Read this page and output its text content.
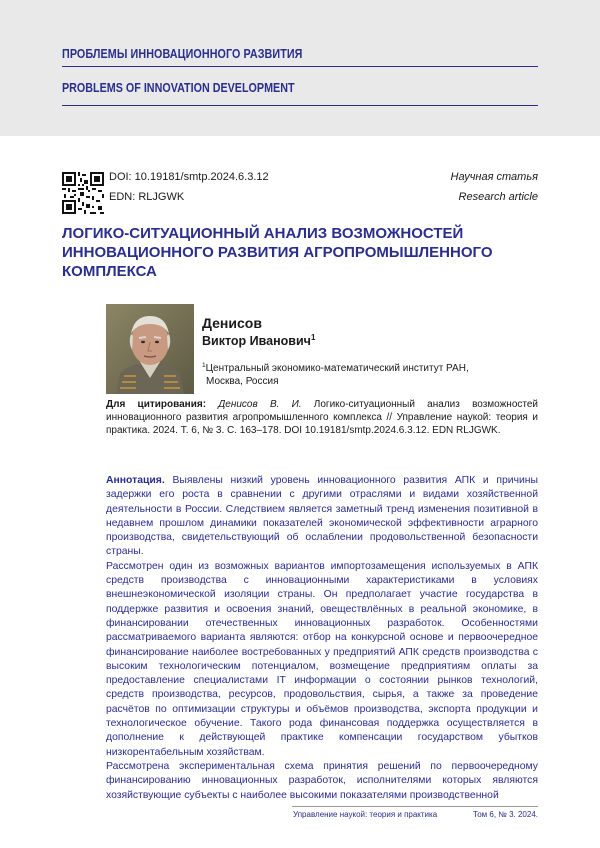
ПРОБЛЕМЫ ИННОВАЦИОННОГО РАЗВИТИЯ
PROBLEMS OF INNOVATION DEVELOPMENT
DOI: 10.19181/smtp.2024.6.3.12
EDN: RLJGWK
Научная статья
Research article
ЛОГИКО-СИТУАЦИОННЫЙ АНАЛИЗ ВОЗМОЖНОСТЕЙ ИННОВАЦИОННОГО РАЗВИТИЯ АГРОПРОМЫШЛЕННОГО КОМПЛЕКСА
Денисов
Виктор Иванович$^1$
$^1$Центральный экономико-математический институт РАН,
Москва, Россия
Для цитирования: Денисов В. И. Логико-ситуационный анализ возможностей инновационного развития агропромышленного комплекса // Управление наукой: теория и практика. 2024. Т. 6, № 3. С. 163–178. DOI 10.19181/smtp.2024.6.3.12. EDN RLJGWK.

Аннотация. Выявлены низкий уровень инновационного развития АПК и причины задержки его роста в сравнении с другими отраслями и видами хозяйственной деятельности в России. Следствием является заметный тренд изменения позитивной в недавнем прошлом динамики показателей экономической эффективности аграрного производства, свидетельствующий об ослаблении продовольственной безопасности страны.

Рассмотрен один из возможных вариантов импортозамещения используемых в АПК средств производства с инновационными характеристиками в условиях внешнеэкономической изоляции страны. Он предполагает участие государства в поддержке развития и освоения знаний, овеществлённых в реальной экономике, в финансировании отечественных инновационных разработок. Особенностями рассматриваемого варианта являются: отбор на конкурсной основе и первоочередное финансирование наиболее востребованных у предприятий АПК средств производства с высоким технологическим потенциалом, возмещение предприятиям оплаты за предоставление специалистами IT информации о состоянии рынков технологий, средств производства, ресурсов, продовольствия, сырья, а также за проведение расчётов по оптимизации структуры и объёмов производства, экспорта продукции и технологическое обучение. Такого рода финансовая поддержка осуществляется в дополнение к действующей практике компенсации государством убытков низкорентабельным хозяйствам.

Рассмотрена экспериментальная схема принятия решений по первоочередному финансированию инновационных разработок, исполнителями которых являются хозяйствующие субъекты с наиболее высокими показателями производственной

Управление наукой: теория и практика	Том 6, № 3. 2024.
